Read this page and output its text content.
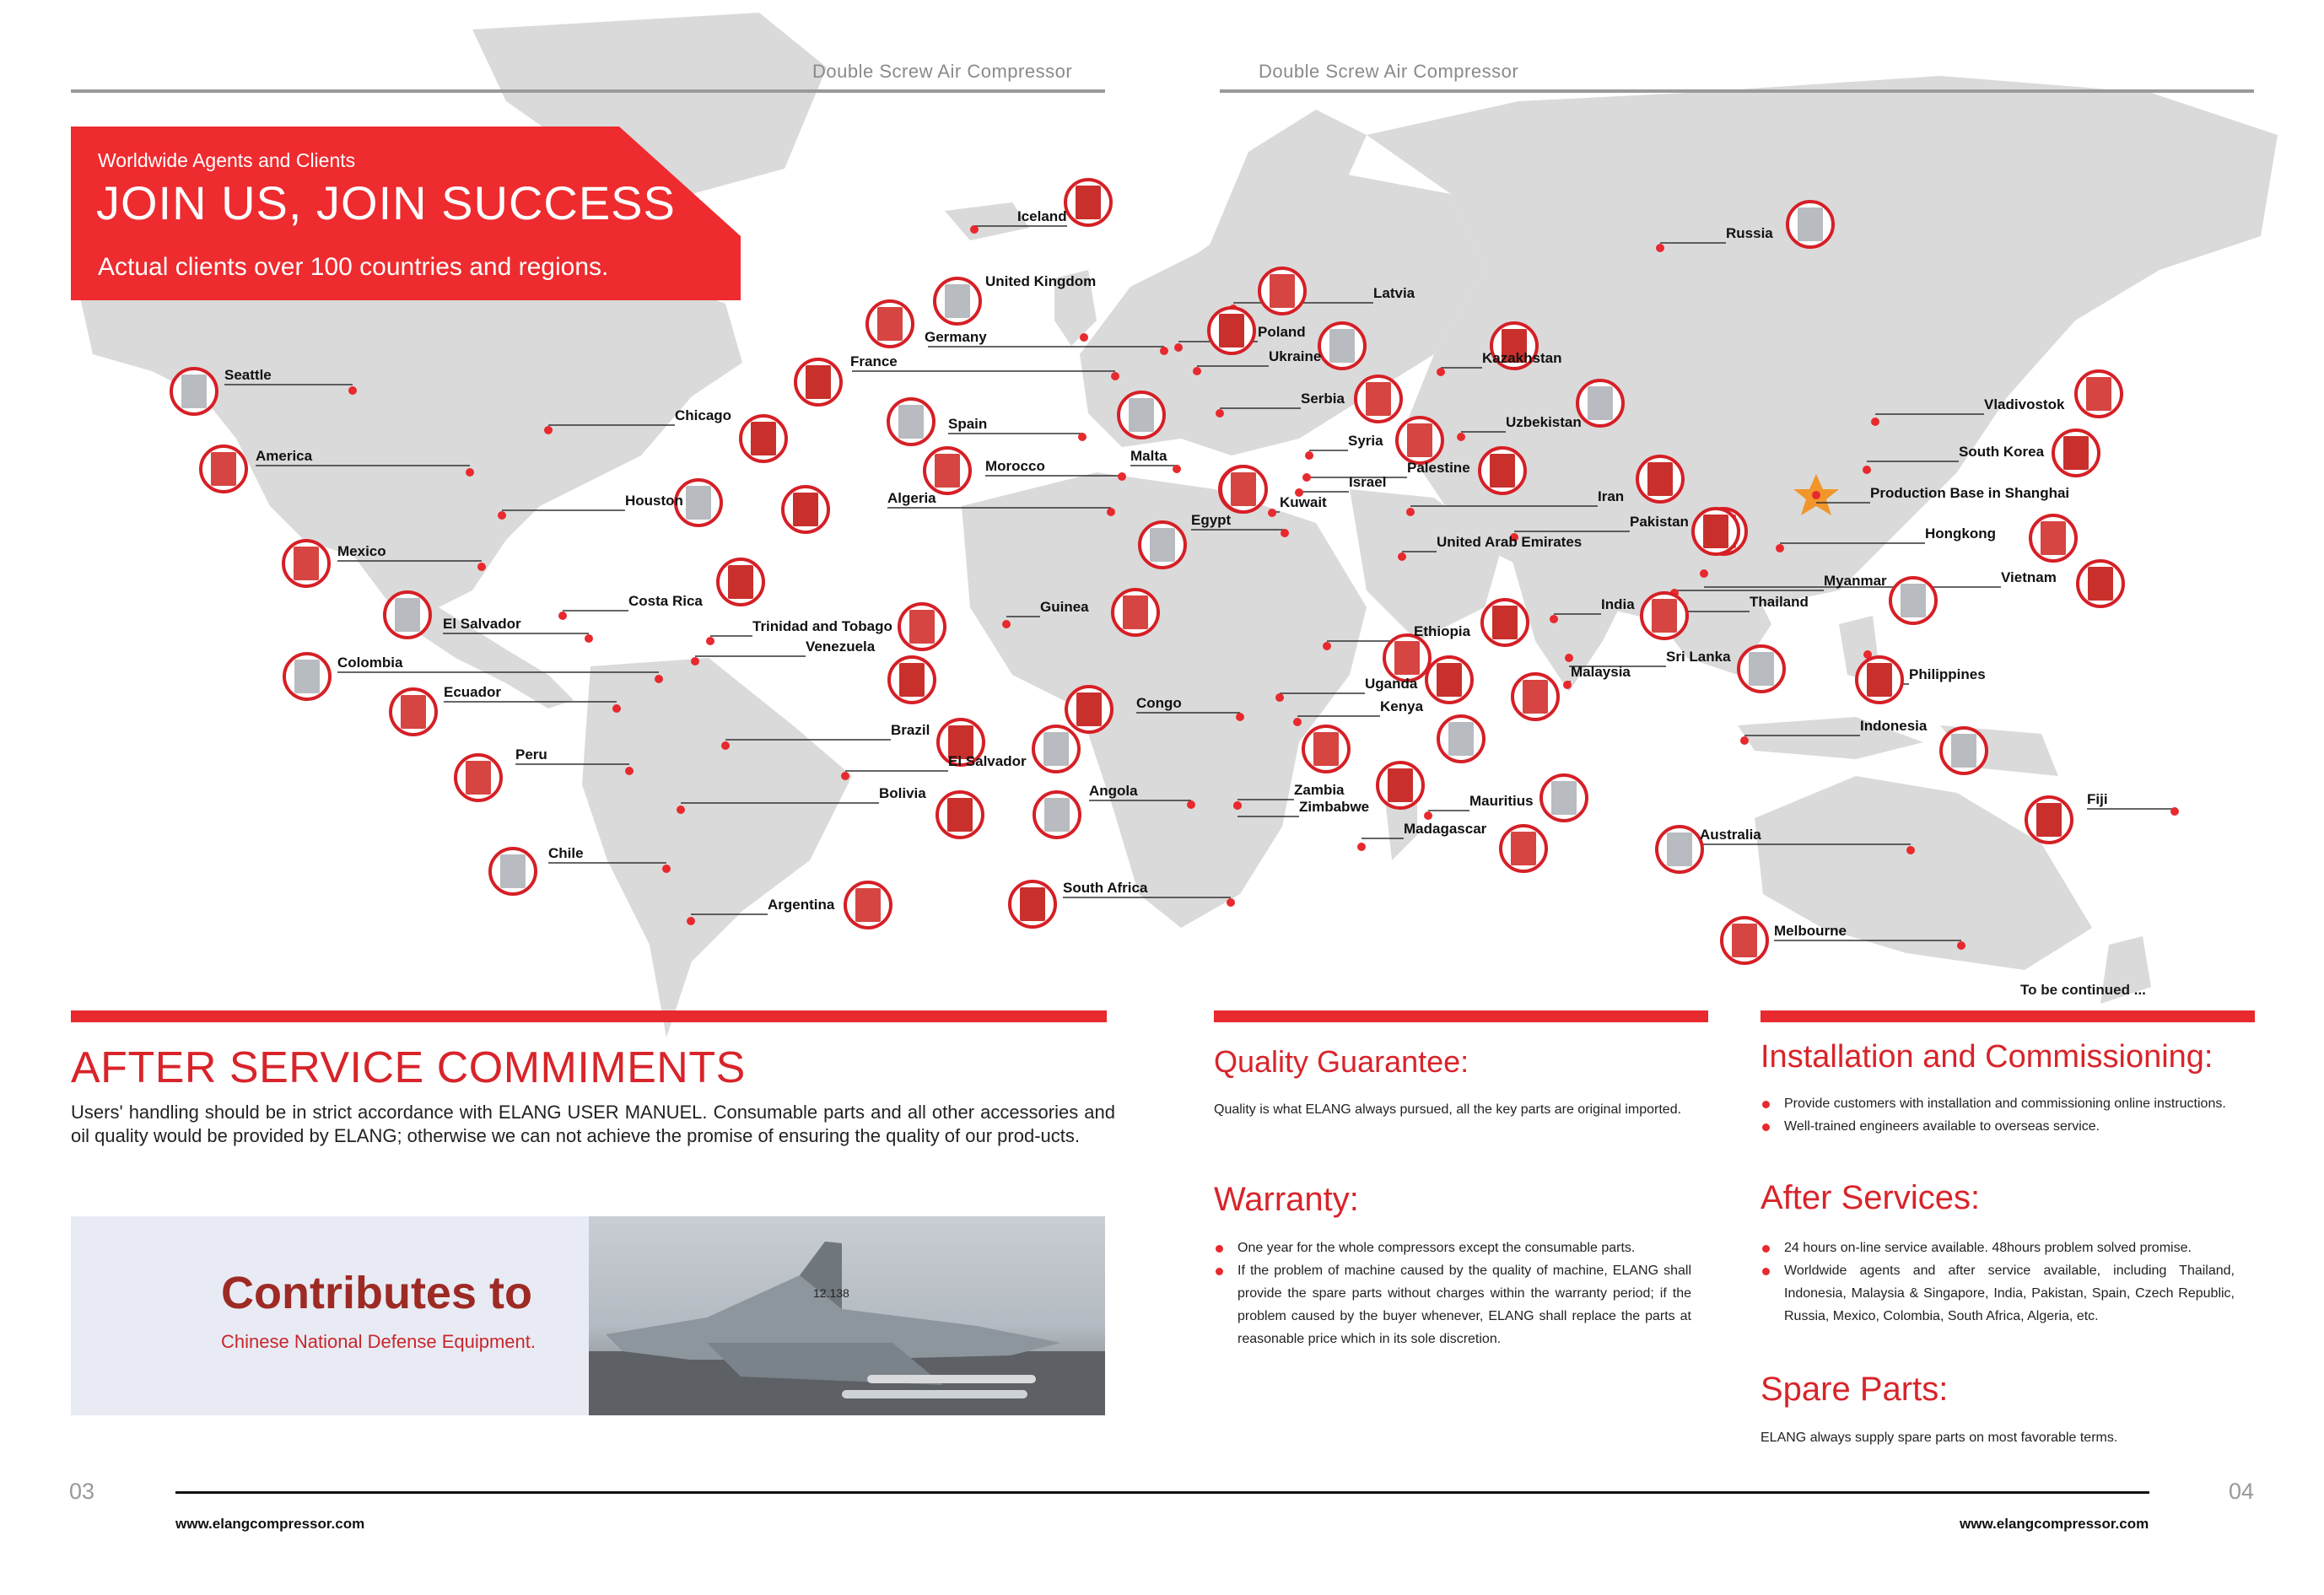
Iceland
United Kingdom
Germany
France
Spain
Morocco
Algeria
Malta
Latvia
Poland
Ukraine
Serbia
Kazakhstan
Uzbekistan
Syria
Palestine
Israel
Kuwait	Iran
Egypt	Pakistan
United Arab Emirates
Russia
Vladivostok
South Korea
Production Base in Shanghai
Hongkong
Vietnam
Myanmar
Thailand
India
Sri Lanka
Malaysia	Philippines
Indonesia
Ethiopia
Uganda
Kenya
Guinea
Congo
Angola	Zambia
Zimbabwe	Mauritius
Madagascar
South Africa
Australia
Melbourne
Fiji
Seattle
America
Chicago
Houston
Mexico
Costa Rica
El Salvador	Trinidad and Tobago
Venezuela
Colombia
Ecuador
Brazil
El Salvador
Peru
Bolivia
Chile
Argentina
Double Screw Air Compressor	Double Screw Air Compressor
Worldwide Agents and Clients
JOIN US, JOIN SUCCESS
Actual clients over 100 countries and regions.
To be continued ...
AFTER SERVICE COMMIMENTS
Users' handling should be in strict accordance with ELANG USER MANUEL. Consumable parts and all other accessories and oil quality would be provided by ELANG; otherwise we can not achieve the promise of ensuring the quality of our prod-ucts.
Contributes to
Chinese National Defense Equipment.
12.138
Quality Guarantee:
Quality is what ELANG always pursued, all the key parts are original imported.
Warranty:
One year for the whole compressors except the consumable parts.
If the problem of machine caused by the quality of machine, ELANG shall provide the spare parts without charges within the warranty period; if the problem caused by the buyer whenever, ELANG shall replace the parts at reasonable price which in its sole discretion.
Installation and Commissioning:
Provide customers with installation and commissioning online instructions.
Well-trained engineers available to overseas service.
After Services:
24 hours on-line service available. 48hours problem solved promise.
Worldwide agents and after service available, including Thailand, Indonesia, Malaysia & Singapore, India, Pakistan, Spain, Czech Republic, Russia, Mexico, Colombia, South Africa, Algeria, etc.
Spare Parts:
ELANG always supply spare parts on most favorable terms.
03	04
www.elangcompressor.com	www.elangcompressor.com
